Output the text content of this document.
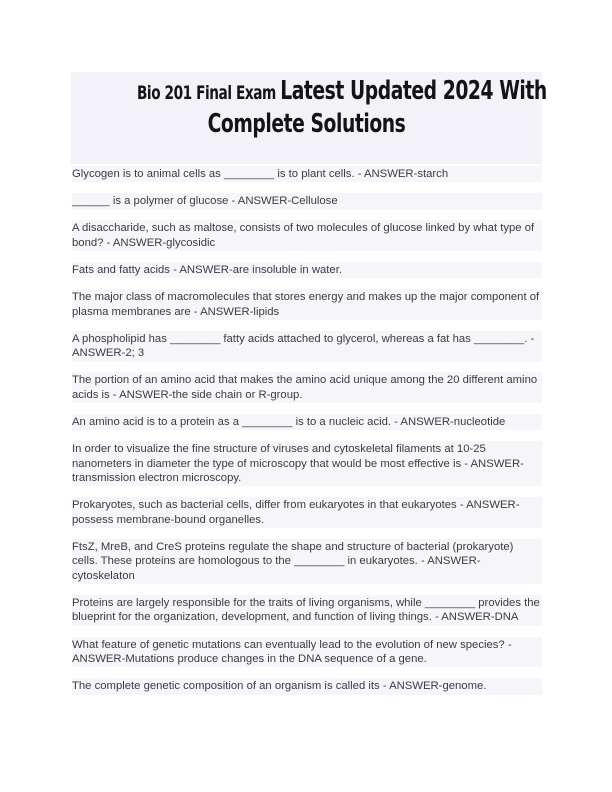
Bio 201 Final Exam Latest Updated 2024 With
Complete Solutions

Glycogen is to animal cells as ________ is to plant cells. - ANSWER-starch

______ is a polymer of glucose - ANSWER-Cellulose

A disaccharide, such as maltose, consists of two molecules of glucose linked by what type of bond? - ANSWER-glycosidic

Fats and fatty acids - ANSWER-are insoluble in water.

The major class of macromolecules that stores energy and makes up the major component of plasma membranes are - ANSWER-lipids

A phospholipid has ________ fatty acids attached to glycerol, whereas a fat has ________. - ANSWER-2; 3

The portion of an amino acid that makes the amino acid unique among the 20 different amino acids is - ANSWER-the side chain or R-group.

An amino acid is to a protein as a ________ is to a nucleic acid. - ANSWER-nucleotide

In order to visualize the fine structure of viruses and cytoskeletal filaments at 10-25 nanometers in diameter the type of microscopy that would be most effective is - ANSWER-transmission electron microscopy.

Prokaryotes, such as bacterial cells, differ from eukaryotes in that eukaryotes - ANSWER-possess membrane-bound organelles.

FtsZ, MreB, and CreS proteins regulate the shape and structure of bacterial (prokaryote) cells. These proteins are homologous to the ________ in eukaryotes. - ANSWER-cytoskelaton

Proteins are largely responsible for the traits of living organisms, while ________ provides the blueprint for the organization, development, and function of living things. - ANSWER-DNA

What feature of genetic mutations can eventually lead to the evolution of new species? - ANSWER-Mutations produce changes in the DNA sequence of a gene.

The complete genetic composition of an organism is called its - ANSWER-genome.
